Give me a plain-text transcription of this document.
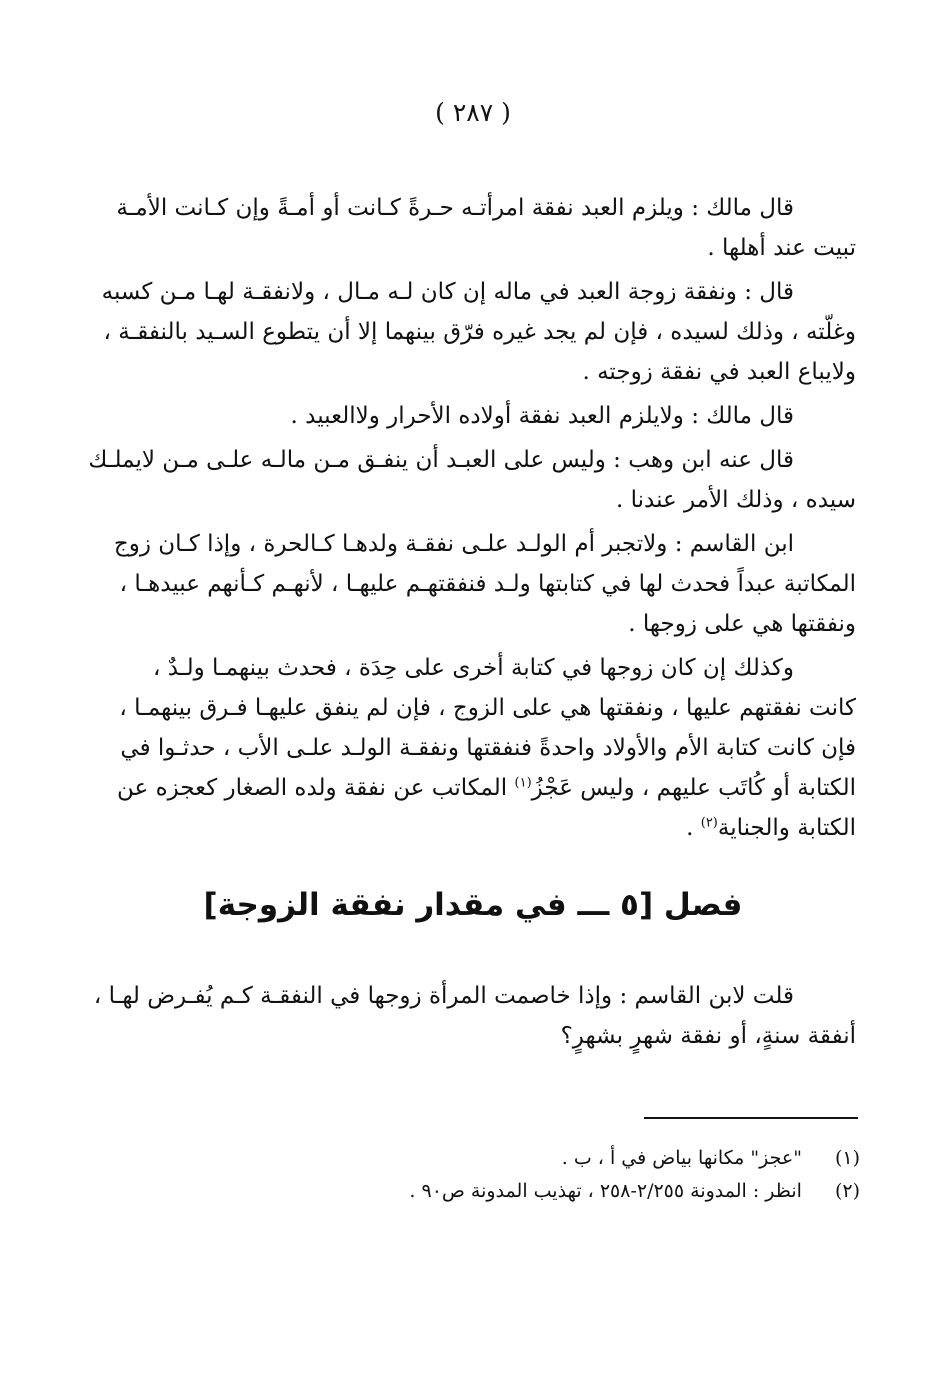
( ٢٨٧ )

قال مالك : ويلزم العبد نفقة امرأتـه حـرةً كـانت أو أمـةً وإن كـانت الأمـة
تبيت عند أهلها .

قال : ونفقة زوجة العبد في ماله إن كان لـه مـال ، ولانفقـة لهـا مـن كسبه
وغلّته ، وذلك لسيده ، فإن لم يجد غيره فرّق بينهما إلا أن يتطوع السـيد بالنفقـة ،
ولايباع العبد في نفقة زوجته .

قال مالك : ولايلزم العبد نفقة أولاده الأحرار ولاالعبيد .

قال عنه ابن وهب : وليس على العبـد أن ينفـق مـن مالـه علـى مـن لايملـك
سيده ، وذلك الأمر عندنا .

ابن القاسم : ولاتجبر أم الولـد علـى نفقـة ولدهـا كـالحرة ، وإذا كـان زوج
المكاتبة عبداً فحدث لها في كتابتها ولـد فنفقتهـم عليهـا ، لأنهـم كـأنهم عبيدهـا ،
ونفقتها هي على زوجها .

وكذلك إن كان زوجها في كتابة أخرى على حِدَة ، فحدث بينهمـا ولـدٌ ،
كانت نفقتهم عليها ، ونفقتها هي على الزوج ، فإن لم ينفق عليهـا فـرق بينهمـا ،
فإن كانت كتابة الأم والأولاد واحدةً فنفقتها ونفقـة الولـد علـى الأب ، حدثـوا في
الكتابة أو كُاتَب عليهم ، وليس عَجْزُ$^{(١)}$ المكاتب عن نفقة ولده الصغار كعجزه عن
الكتابة والجناية$^{(٢)}$ .

فصل [٥ ـــ في مقدار نفقة الزوجة]
قلت لابن القاسم : وإذا خاصمت المرأة زوجها في النفقـة كـم يُفـرض لهـا ،
أنفقة سنةٍ، أو نفقة شهرٍ بشهرٍ؟
(١) "عجز" مكانها بياض في أ ، ب .
(٢) انظر : المدونة ٢/٢٥٥-٢٥٨ ، تهذيب المدونة ص٩٠ .
